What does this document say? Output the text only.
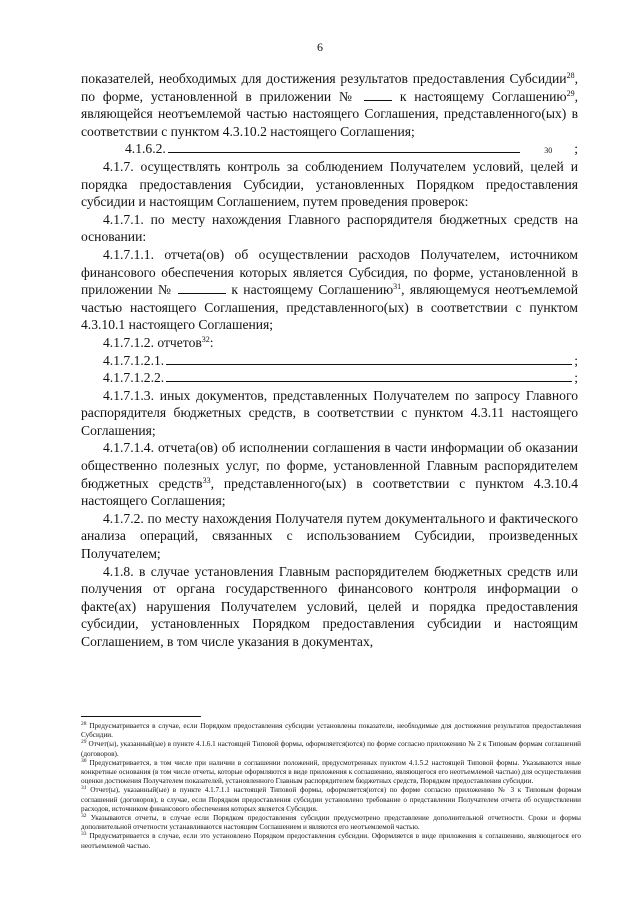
6

показателей, необходимых для достижения результатов предоставления Субсидии$^{28}$, по форме, установленной в приложении №	к настоящему Соглашению$^{29}$, являющейся неотъемлемой частью настоящего Соглашения, представленного(ых) в соответствии с пунктом 4.3.10.2 настоящего Соглашения;

4.1.6.2.	30	;

4.1.7. осуществлять контроль за соблюдением Получателем условий, целей и порядка предоставления Субсидии, установленных Порядком предоставления субсидии и настоящим Соглашением, путем проведения проверок:

4.1.7.1. по месту нахождения Главного распорядителя бюджетных средств на основании:

4.1.7.1.1. отчета(ов) об осуществлении расходов Получателем, источником финансового обеспечения которых является Субсидия, по форме, установленной в приложении №	к настоящему Соглашению$^{31}$, являющемуся неотъемлемой частью настоящего Соглашения, представленного(ых) в соответствии с пунктом 4.3.10.1 настоящего Соглашения;

4.1.7.1.2. отчетов$^{32}$:

4.1.7.1.2.1.	;
4.1.7.1.2.2.	;

4.1.7.1.3. иных документов, представленных Получателем по запросу Главного распорядителя бюджетных средств, в соответствии с пунктом 4.3.11 настоящего Соглашения;

4.1.7.1.4. отчета(ов) об исполнении соглашения в части информации об оказании общественно полезных услуг, по форме, установленной Главным распорядителем бюджетных средств$^{33}$, представленного(ых) в соответствии с пунктом 4.3.10.4 настоящего Соглашения;

4.1.7.2. по месту нахождения Получателя путем документального и фактического анализа операций, связанных с использованием Субсидии, произведенных Получателем;

4.1.8. в случае установления Главным распорядителем бюджетных средств или получения от органа государственного финансового контроля информации о факте(ах) нарушения Получателем условий, целей и порядка предоставления субсидии, установленных Порядком предоставления субсидии и настоящим Соглашением, в том числе указания в документах,

$^{28}$ Предусматривается в случае, если Порядком предоставления субсидии установлены показатели, необходимые для достижения результатов предоставления Субсидии.

$^{29}$ Отчет(ы), указанный(ые) в пункте 4.1.6.1 настоящей Типовой формы, оформляется(ются) по форме согласно приложению № 2 к Типовым формам соглашений (договоров).

$^{30}$ Предусматривается, в том числе при наличии в соглашении положений, предусмотренных пунктом 4.1.5.2 настоящей Типовой формы. Указываются иные конкретные основания (в том числе отчеты, которые оформляются в виде приложения к соглашению, являющегося его неотъемлемой частью) для осуществления оценки достижения Получателем показателей, установленного Главным распорядителем бюджетных средств, Порядком предоставления субсидии.

$^{31}$ Отчет(ы), указанный(ые) в пункте 4.1.7.1.1 настоящей Типовой формы, оформляется(ются) по форме согласно приложению № 3 к Типовым формам соглашений (договоров), в случае, если Порядком предоставления субсидии установлено требование о представлении Получателем отчета об осуществлении расходов, источником финансового обеспечения которых является Субсидия.

$^{32}$ Указываются отчеты, в случае если Порядком предоставления субсидии предусмотрено представление дополнительной отчетности. Сроки и формы дополнительной отчетности устанавливаются настоящим Соглашением и являются его неотъемлемой частью.

$^{33}$ Предусматривается в случае, если это установлено Порядком предоставления субсидии. Оформляется в виде приложения к соглашению, являющегося его неотъемлемой частью.
